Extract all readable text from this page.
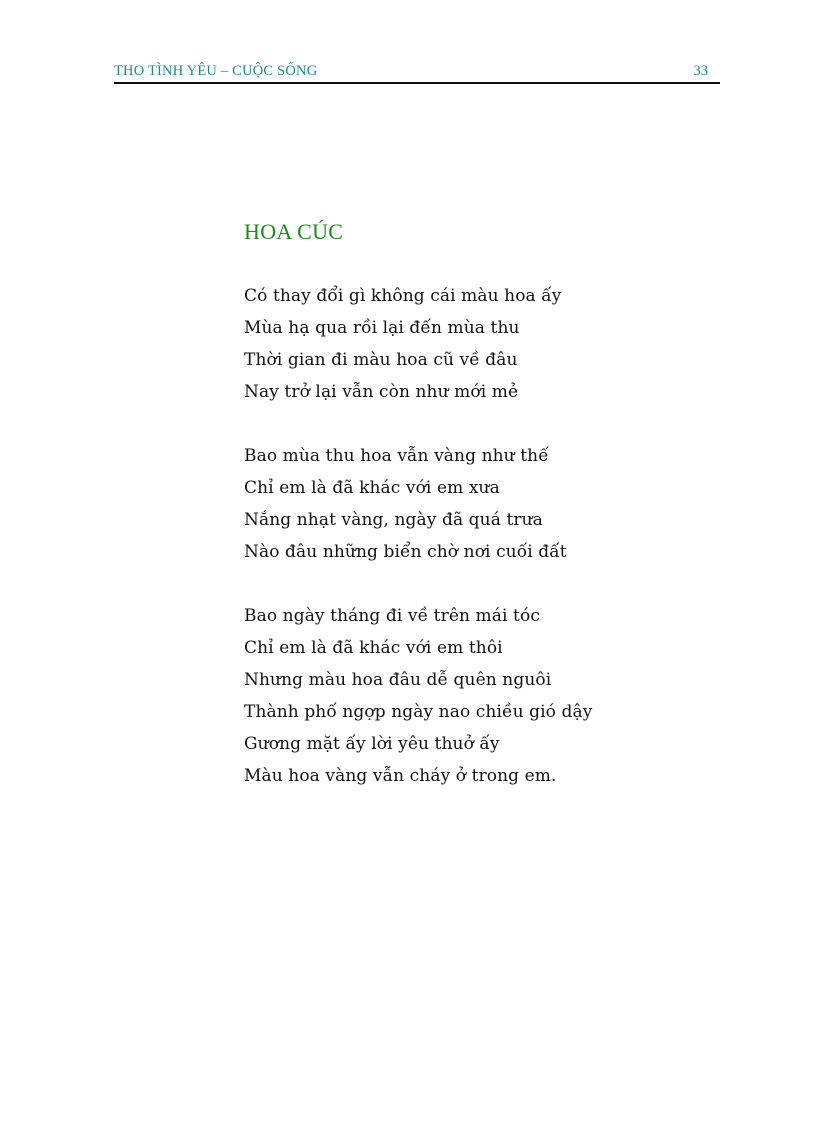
THO TÌNH YÊU – CUỘC SỐNG	33
HOA CÚC
Có thay đổi gì không cái màu hoa ấy
Mùa hạ qua rồi lại đến mùa thu
Thời gian đi màu hoa cũ về đâu
Nay trở lại vẫn còn như mới mẻ
Bao mùa thu hoa vẫn vàng như thế
Chỉ em là đã khác với em xưa
Nắng nhạt vàng, ngày đã quá trưa
Nào đâu những biển chờ nơi cuối đất
Bao ngày tháng đi về trên mái tóc
Chỉ em là đã khác với em thôi
Nhưng màu hoa đâu dễ quên nguôi
Thành phố ngợp ngày nao chiều gió dậy
Gương mặt ấy lời yêu thuở ấy
Màu hoa vàng vẫn cháy ở trong em.
